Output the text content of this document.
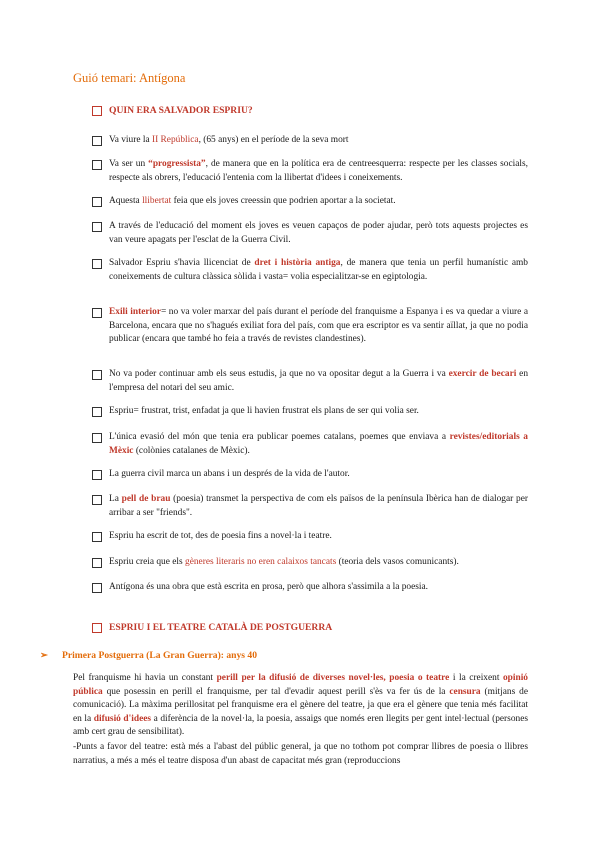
Guió temari: Antígona
QUIN ERA SALVADOR ESPRIU?
Va viure la II República, (65 anys) en el període de la seva mort
Va ser un “progressista”, de manera que en la política era de centreesquerra: respecte per les classes socials, respecte als obrers, l'educació l'entenia com la llibertat d'idees i coneixements.
Aquesta llibertat feia que els joves creessin que podrien aportar a la societat.
A través de l'educació del moment els joves es veuen capaços de poder ajudar, però tots aquests projectes es van veure apagats per l'esclat de la Guerra Civil.
Salvador Espriu s'havia llicenciat de dret i història antiga, de manera que tenia un perfil humanístic amb coneixements de cultura clàssica sòlida i vasta= volia especialitzar-se en egiptologia.
Exili interior= no va voler marxar del país durant el període del franquisme a Espanya i es va quedar a viure a Barcelona, encara que no s'hagués exiliat fora del país, com que era escriptor es va sentir aïllat, ja que no podia publicar (encara que també ho feia a través de revistes clandestines).
No va poder continuar amb els seus estudis, ja que no va opositar degut a la Guerra i va exercir de becari en l'empresa del notari del seu amic.
Espriu= frustrat, trist, enfadat ja que li havien frustrat els plans de ser qui volia ser.
L'única evasió del món que tenia era publicar poemes catalans, poemes que enviava a revistes/editorials a Mèxic (colònies catalanes de Mèxic).
La guerra civil marca un abans i un després de la vida de l'autor.
La pell de brau (poesia) transmet la perspectiva de com els països de la península Ibèrica han de dialogar per arribar a ser "friends".
Espriu ha escrit de tot, des de poesia fins a novel·la i teatre.
Espriu creia que els gèneres literaris no eren calaixos tancats (teoria dels vasos comunicants).
Antígona és una obra que està escrita en prosa, però que alhora s'assimila a la poesia.
ESPRIU I EL TEATRE CATALÀ DE POSTGUERRA
➢	Primera Postguerra (La Gran Guerra): anys 40
Pel franquisme hi havia un constant perill per la difusió de diverses novel·les, poesia o teatre i la creixent opinió pública que posessin en perill el franquisme, per tal d'evadir aquest perill s'ès va fer ús de la censura (mitjans de comunicació). La màxima perillositat pel franquisme era el gènere del teatre, ja que era el gènere que tenia més facilitat en la difusió d'idees a diferència de la novel·la, la poesia, assaigs que només eren llegits per gent intel·lectual (persones amb cert grau de sensibilitat).
-Punts a favor del teatre: està més a l'abast del públic general, ja que no tothom pot comprar llibres de poesia o llibres narratius, a més a més el teatre disposa d'un abast de capacitat més gran (reproduccions
